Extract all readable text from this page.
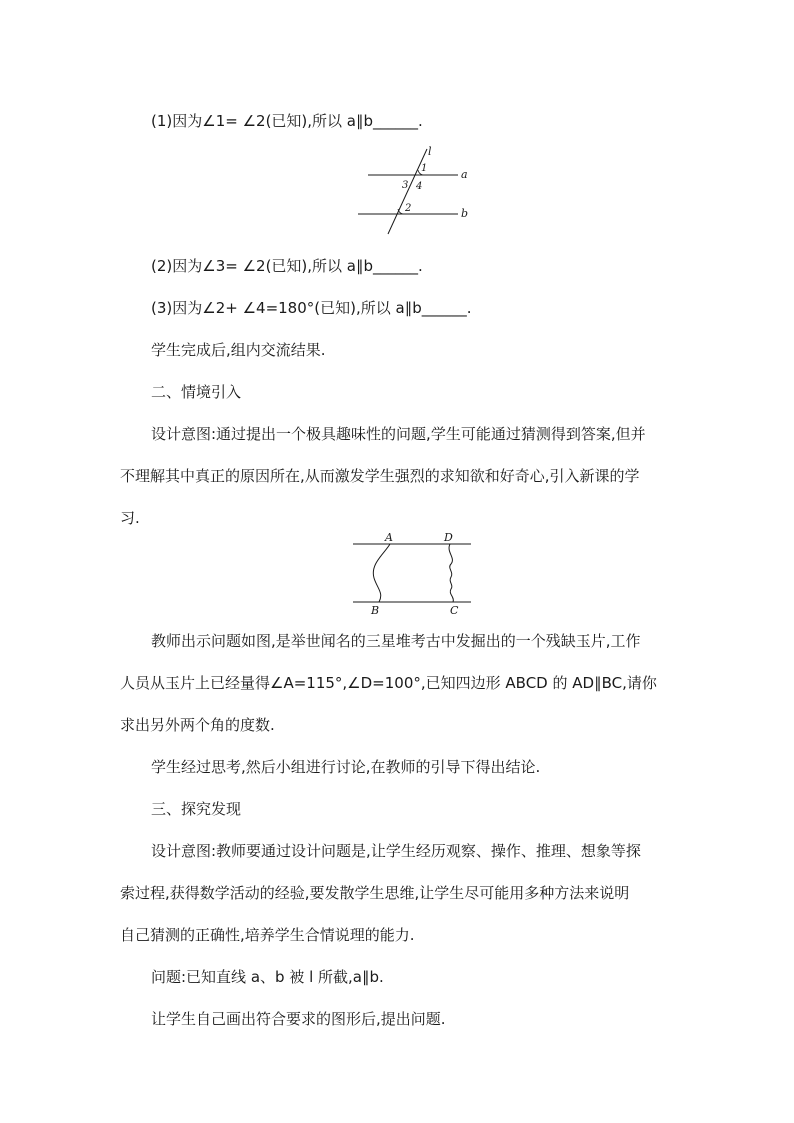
(1)因为∠1= ∠2(已知),所以 a∥b______.
l
a
b
1
3 4
2
(2)因为∠3= ∠2(已知),所以 a∥b______.
(3)因为∠2+ ∠4=180°(已知),所以 a∥b______.
学生完成后,组内交流结果.
二、情境引入
设计意图:通过提出一个极具趣味性的问题,学生可能通过猜测得到答案,但并
不理解其中真正的原因所在,从而激发学生强烈的求知欲和好奇心,引入新课的学
习.
A	D
B	C
教师出示问题如图,是举世闻名的三星堆考古中发掘出的一个残缺玉片,工作
人员从玉片上已经量得∠A=115°,∠D=100°,已知四边形 ABCD 的 AD∥BC,请你
求出另外两个角的度数.
学生经过思考,然后小组进行讨论,在教师的引导下得出结论.
三、探究发现
设计意图:教师要通过设计问题是,让学生经历观察、操作、推理、想象等探
索过程,获得数学活动的经验,要发散学生思维,让学生尽可能用多种方法来说明
自己猜测的正确性,培养学生合情说理的能力.
问题:已知直线 a、b 被 l 所截,a∥b.
让学生自己画出符合要求的图形后,提出问题.
